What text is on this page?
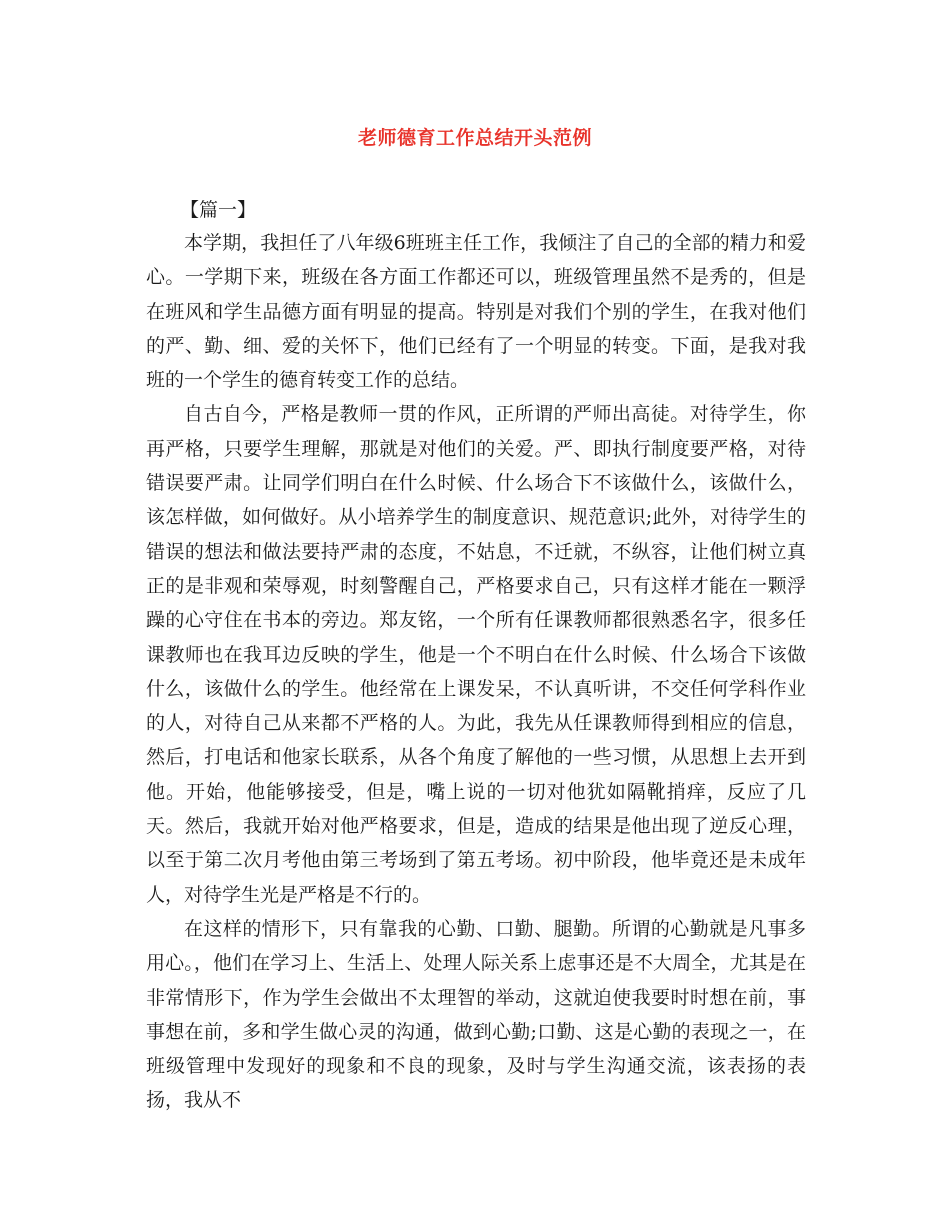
老师德育工作总结开头范例
【篇一】

本学期，我担任了八年级6班班主任工作，我倾注了自己的全部的精力和爱心。一学期下来，班级在各方面工作都还可以，班级管理虽然不是秀的，但是在班风和学生品德方面有明显的提高。特别是对我们个别的学生，在我对他们的严、勤、细、爱的关怀下，他们已经有了一个明显的转变。下面，是我对我班的一个学生的德育转变工作的总结。

自古自今，严格是教师一贯的作风，正所谓的严师出高徒。对待学生，你再严格，只要学生理解，那就是对他们的关爱。严、即执行制度要严格，对待错误要严肃。让同学们明白在什么时候、什么场合下不该做什么，该做什么，该怎样做，如何做好。从小培养学生的制度意识、规范意识;此外，对待学生的错误的想法和做法要持严肃的态度，不姑息，不迁就，不纵容，让他们树立真正的是非观和荣辱观，时刻警醒自己，严格要求自己，只有这样才能在一颗浮躁的心守住在书本的旁边。郑友铭，一个所有任课教师都很熟悉名字，很多任课教师也在我耳边反映的学生，他是一个不明白在什么时候、什么场合下该做什么，该做什么的学生。他经常在上课发呆，不认真听讲，不交任何学科作业的人，对待自己从来都不严格的人。为此，我先从任课教师得到相应的信息，然后，打电话和他家长联系，从各个角度了解他的一些习惯，从思想上去开到他。开始，他能够接受，但是，嘴上说的一切对他犹如隔靴捎痒，反应了几天。然后，我就开始对他严格要求，但是，造成的结果是他出现了逆反心理，以至于第二次月考他由第三考场到了第五考场。初中阶段，他毕竟还是未成年人，对待学生光是严格是不行的。

在这样的情形下，只有靠我的心勤、口勤、腿勤。所谓的心勤就是凡事多用心。，他们在学习上、生活上、处理人际关系上虑事还是不大周全，尤其是在非常情形下，作为学生会做出不太理智的举动，这就迫使我要时时想在前，事事想在前，多和学生做心灵的沟通，做到心勤;口勤、这是心勤的表现之一，在班级管理中发现好的现象和不良的现象，及时与学生沟通交流，该表扬的表扬，我从不
